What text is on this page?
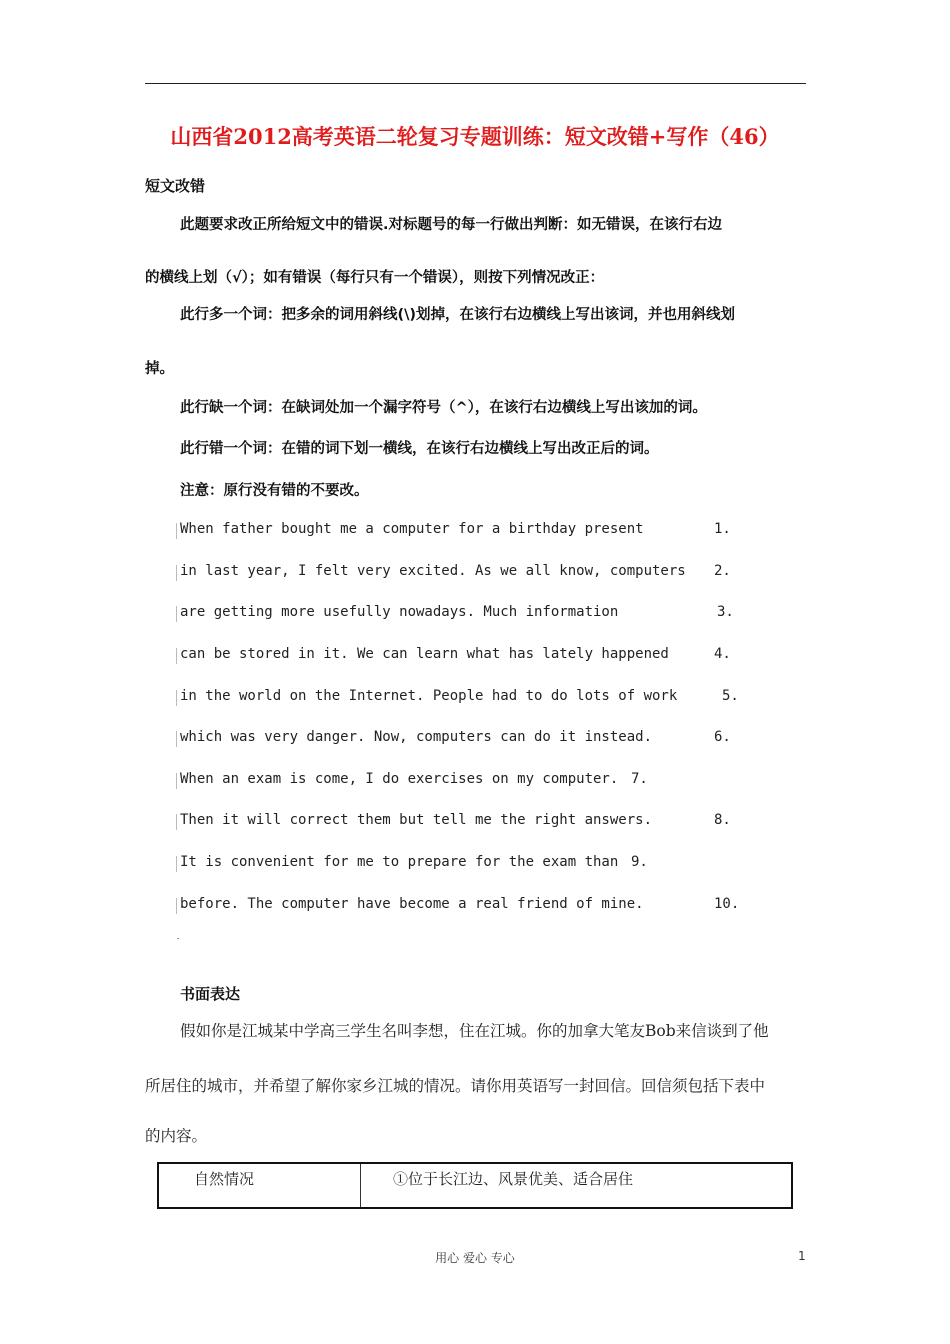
山西省2012高考英语二轮复习专题训练：短文改错+写作（46）
短文改错
此题要求改正所给短文中的错误.对标题号的每一行做出判断：如无错误，在该行右边
的横线上划（√）；如有错误（每行只有一个错误），则按下列情况改正：
此行多一个词：把多余的词用斜线(\)划掉，在该行右边横线上写出该词，并也用斜线划
掉。
此行缺一个词：在缺词处加一个漏字符号（^），在该行右边横线上写出该加的词。
此行错一个词：在错的词下划一横线，在该行右边横线上写出改正后的词。
注意：原行没有错的不要改。
When father bought me a computer for a birthday present	1.
in last year, I felt very excited. As we all know, computers 2.
are getting more usefully nowadays. Much information	3.
can be stored in it. We can learn what has lately happened	4.
in the world on the Internet. People had to do lots of work	5.
which was very danger. Now, computers can do it instead.	6.
When an exam is come, I do exercises on my computer. 7.
Then it will correct them but tell me the right answers.	8.
It is convenient for me to prepare for the exam than 9.
before. The computer have become a real friend of mine.	10.
书面表达
假如你是江城某中学高三学生名叫李想，住在江城。你的加拿大笔友Bob来信谈到了他
所居住的城市，并希望了解你家乡江城的情况。请你用英语写一封回信。回信须包括下表中
的内容。
自然情况	①位于长江边、风景优美、适合居住
用心 爱心 专心	1
